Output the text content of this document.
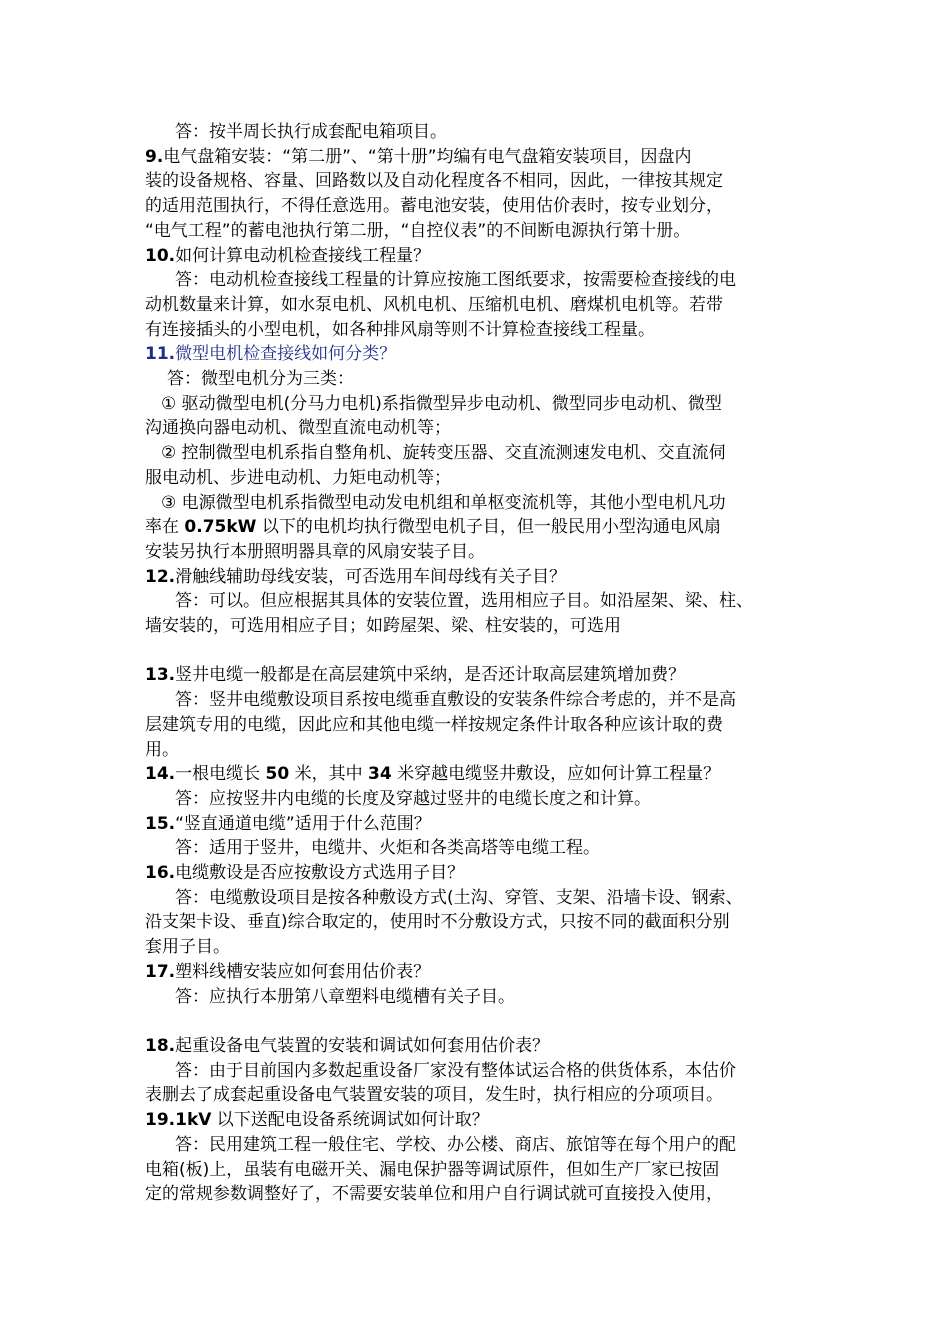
答：按半周长执行成套配电箱项目。

9.电气盘箱安装：“第二册”、“第十册”均编有电气盘箱安装项目，因盘内

装的设备规格、容量、回路数以及自动化程度各不相同，因此，一律按其规定

的适用范围执行，不得任意选用。蓄电池安装，使用估价表时，按专业划分，

“电气工程”的蓄电池执行第二册，“自控仪表”的不间断电源执行第十册。

10.如何计算电动机检查接线工程量？

答：电动机检查接线工程量的计算应按施工图纸要求，按需要检查接线的电

动机数量来计算，如水泵电机、风机电机、压缩机电机、磨煤机电机等。若带

有连接插头的小型电机，如各种排风扇等则不计算检查接线工程量。

11.微型电机检查接线如何分类？

答：微型电机分为三类：

① 驱动微型电机(分马力电机)系指微型异步电动机、微型同步电动机、微型

沟通换向器电动机、微型直流电动机等；

② 控制微型电机系指自整角机、旋转变压器、交直流测速发电机、交直流伺

服电动机、步进电动机、力矩电动机等；

③ 电源微型电机系指微型电动发电机组和单枢变流机等，其他小型电机凡功

率在 0.75kW 以下的电机均执行微型电机子目，但一般民用小型沟通电风扇

安装另执行本册照明器具章的风扇安装子目。

12.滑触线辅助母线安装，可否选用车间母线有关子目？

答：可以。但应根据其具体的安装位置，选用相应子目。如沿屋架、梁、柱、

墙安装的，可选用相应子目；如跨屋架、梁、柱安装的，可选用

13.竖井电缆一般都是在高层建筑中采纳，是否还计取高层建筑增加费？

答：竖井电缆敷设项目系按电缆垂直敷设的安装条件综合考虑的，并不是高

层建筑专用的电缆，因此应和其他电缆一样按规定条件计取各种应该计取的费

用。

14.一根电缆长 50 米，其中 34 米穿越电缆竖井敷设，应如何计算工程量？

答：应按竖井内电缆的长度及穿越过竖井的电缆长度之和计算。

15.“竖直通道电缆”适用于什么范围？

答：适用于竖井，电缆井、火炬和各类高塔等电缆工程。

16.电缆敷设是否应按敷设方式选用子目？

答：电缆敷设项目是按各种敷设方式(土沟、穿管、支架、沿墙卡设、钢索、

沿支架卡设、垂直)综合取定的，使用时不分敷设方式，只按不同的截面积分别

套用子目。

17.塑料线槽安装应如何套用估价表？

答：应执行本册第八章塑料电缆槽有关子目。

18.起重设备电气装置的安装和调试如何套用估价表？

答：由于目前国内多数起重设备厂家没有整体试运合格的供货体系，本估价

表删去了成套起重设备电气装置安装的项目，发生时，执行相应的分项项目。

19.1kV 以下送配电设备系统调试如何计取？

答：民用建筑工程一般住宅、学校、办公楼、商店、旅馆等在每个用户的配

电箱(板)上，虽装有电磁开关、漏电保护器等调试原件，但如生产厂家已按固

定的常规参数调整好了，不需要安装单位和用户自行调试就可直接投入使用，
